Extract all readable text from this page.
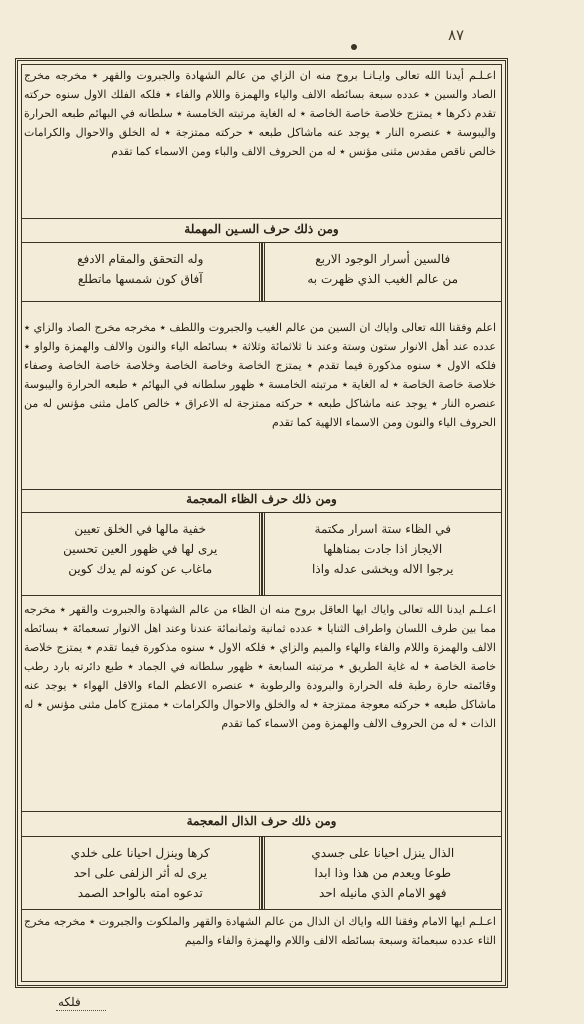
٨٧
اعـلـم أيدنا الله تعالى وايـانـا بروح منه ان الزاي من عالم الشهادة والجبروت والقهر ٭ مخرجه مخرج الصاد والسين ٭ عدده سبعة بسائطه الالف والياء والهمزة واللام والفاء ٭ فلكه الفلك الاول سنوه حركته تقدم ذكرها ٭ يمتزج خلاصة خاصة الخاصة ٭ له الغاية مرتبته الخامسة ٭ سلطانه في البهائم طبعه الحرارة واليبوسة ٭ عنصره النار ٭ يوجد عنه ماشاكل طبعه ٭ حركته ممتزجة ٭ له الخلق والاحوال والكرامات خالص ناقص مقدس مثنى مؤنس ٭ له من الحروف الالف والباء ومن الاسماء كما تقدم
ومن ذلك حرف السـين المهملة
فالسين أسرار الوجود الاربع
من عالم الغيب الذي ظهرت به
وله التحقق والمقام الادفع
آفاق كون شمسها ماتطلع
اعلم وفقنا الله تعالى واياك ان السين من عالم الغيب والجبروت واللطف ٭ مخرجه مخرج الصاد والزاي ٭ عدده عند أهل الانوار ستون وستة وعند نا ثلاثمائة وثلاثة ٭ بسائطه الياء والنون والالف والهمزة والواو ٭ فلكه الاول ٭ سنوه مذكورة فيما تقدم ٭ يمتزج الخاصة وخاصة الخاصة وخلاصة خاصة الخاصة وصفاء خلاصة خاصة الخاصة ٭ له الغاية ٭ مرتبته الخامسة ٭ ظهور سلطانه في البهائم ٭ طبعه الحرارة واليبوسة عنصره النار ٭ يوجد عنه ماشاكل طبعه ٭ حركته ممتزجة له الاعراق ٭ خالص كامل مثنى مؤنس له من الحروف الياء والنون ومن الاسماء الالهية كما تقدم
ومن ذلك حرف الظاء المعجمة
في الظاء ستة اسرار مكتمة
الايجاز اذا جادت بمناهلها
يرجوا الاله ويخشى عدله واذا
خفية مالها في الخلق تعيين
يرى لها في ظهور العين تحسين
ماغاب عن كونه لم يدك كوين
اعـلـم ايدنا الله تعالى واياك ايها العاقل بروح منه ان الظاء من عالم الشهادة والجبروت والقهر ٭ مخرجه مما بين طرف اللسان واطراف الثنايا ٭ عدده ثمانية وثمانمائة عندنا وعند اهل الانوار تسعمائة ٭ بسائطه الالف والهمزة واللام والفاء والهاء والميم والزاي ٭ فلكه الاول ٭ سنوه مذكورة فيما تقدم ٭ يمتزج خلاصة خاصة الخاصة ٭ له غاية الطريق ٭ مرتبته السابعة ٭ ظهور سلطانه في الجماد ٭ طبع دائرته بارد رطب وقائمته حارة رطبة فله الحرارة والبرودة والرطوبة ٭ عنصره الاعظم الماء والاقل الهواء ٭ يوجد عنه ماشاكل طبعه ٭ حركته معوجة ممتزجة ٭ له والخلق والاحوال والكرامات ٭ ممتزج كامل مثنى مؤنس ٭ له الذات ٭ له من الحروف الالف والهمزة ومن الاسماء كما تقدم
ومن ذلك حرف الذال المعجمة
الذال ينزل احيانا على جسدي
طوعا ويعدم من هذا وذا ابدا
فهو الامام الذي مانيله احد
كرها وينزل احيانا على خلدي
يرى له أثر الزلفى على احد
تدعوه امته بالواحد الصمد
اعـلـم ايها الامام وفقنا الله واياك ان الذال من عالم الشهادة والقهر والملكوت والجبروت ٭ مخرجه مخرج الثاء عدده سبعمائة وسبعة بسائطه الالف واللام والهمزة والفاء والميم
فلكه
